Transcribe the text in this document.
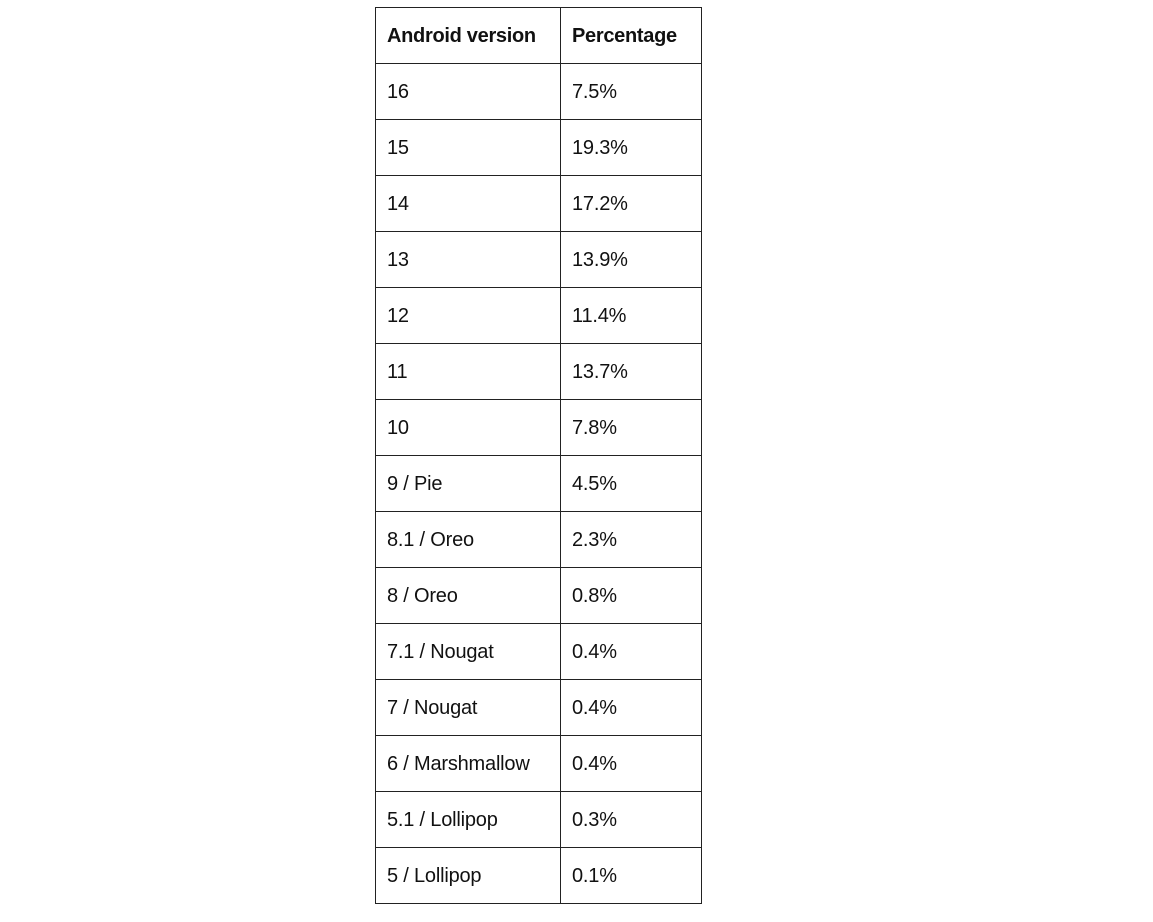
Android version	Percentage
16	7.5%
15	19.3%
14	17.2%
13	13.9%
12	11.4%
11	13.7%
10	7.8%
9 / Pie	4.5%
8.1 / Oreo	2.3%
8 / Oreo	0.8%
7.1 / Nougat	0.4%
7 / Nougat	0.4%
6 / Marshmallow	0.4%
5.1 / Lollipop	0.3%
5 / Lollipop	0.1%
